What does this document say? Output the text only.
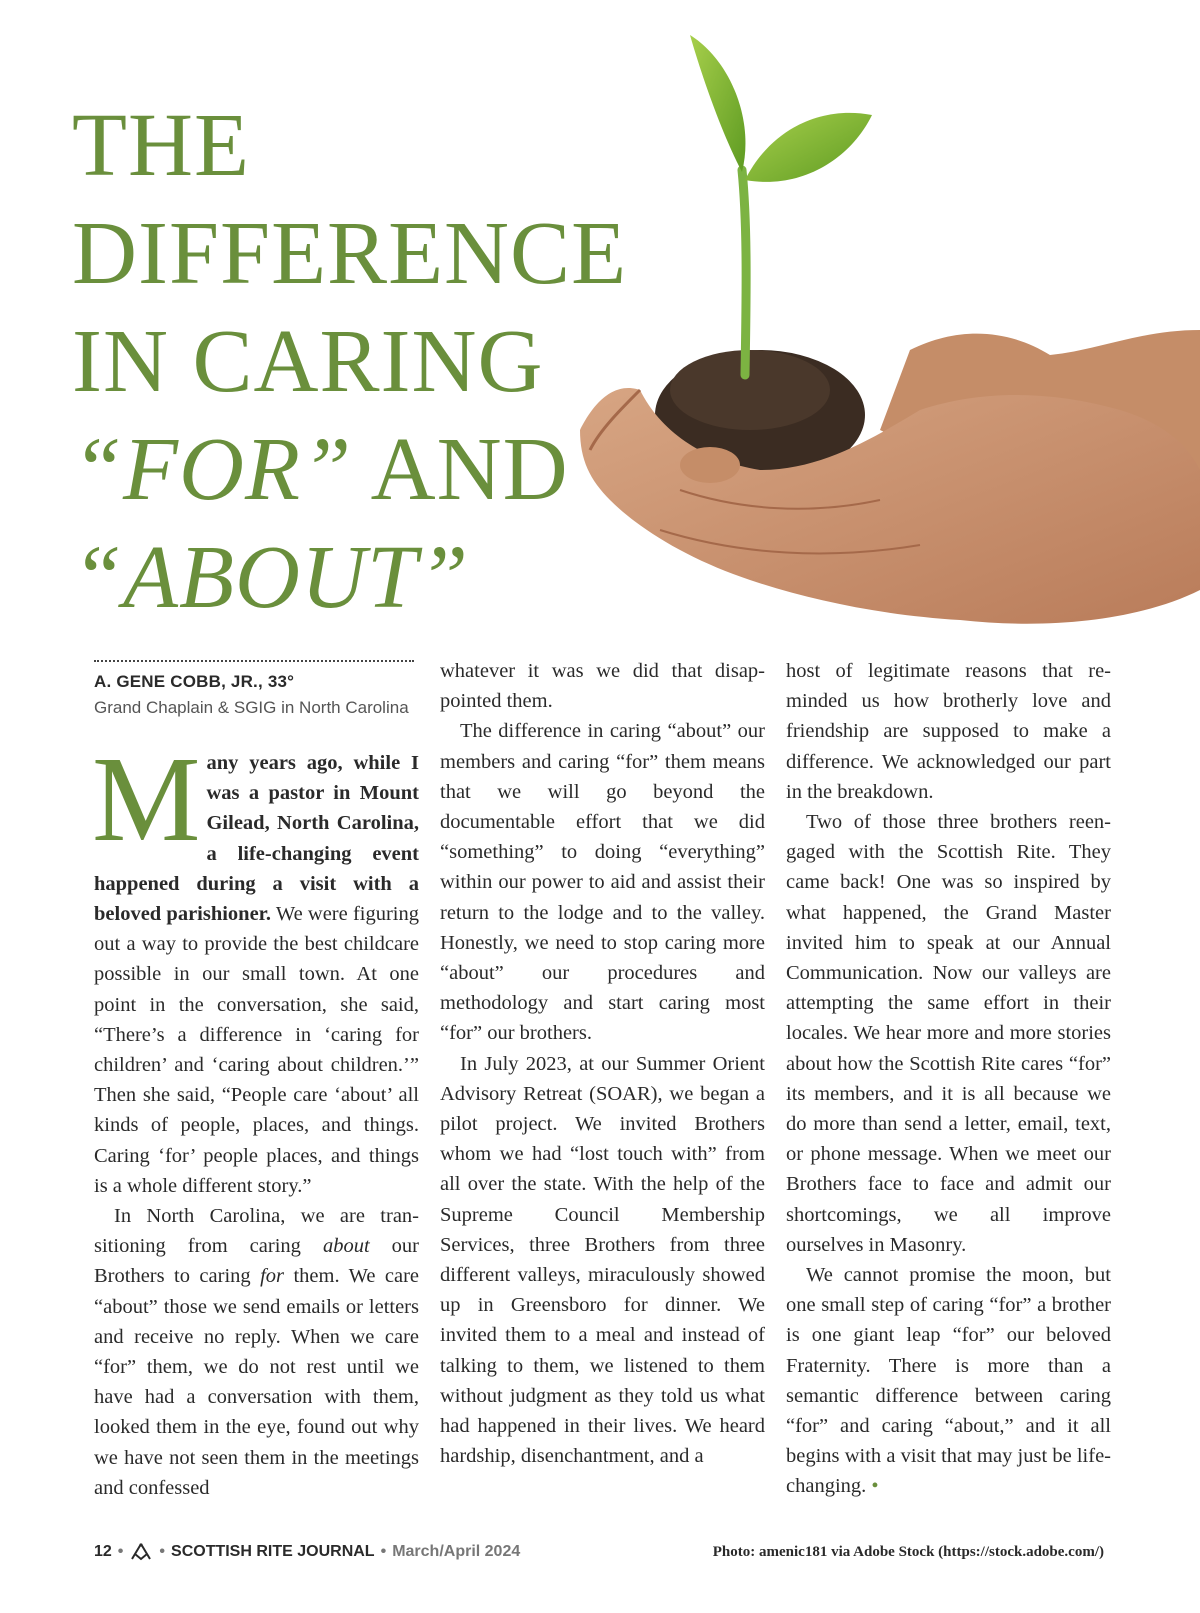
THE
DIFFERENCE
IN CARING
“FOR” AND
“ABOUT”
A. GENE COBB, JR., 33°
Grand Chaplain & SGIG in North Carolina

Many years ago, while I was a pastor in Mount Gilead, North Carolina, a life-changing event happened during a visit with a beloved parishioner. We were figuring out a way to provide the best childcare possible in our small town. At one point in the conversation, she said, “There’s a difference in ‘caring for children’ and ‘caring about children.’” Then she said, “People care ‘about’ all kinds of people, places, and things. Caring ‘for’ people places, and things is a whole different story.”

In North Carolina, we are transitioning from caring about our Brothers to caring for them. We care “about” those we send emails or letters and receive no reply. When we care “for” them, we do not rest until we have had a conversation with them, looked them in the eye, found out why we have not seen them in the meetings and confessed

whatever it was we did that disappointed them.

The difference in caring “about” our members and caring “for” them means that we will go beyond the documentable effort that we did “something” to doing “everything” within our power to aid and assist their return to the lodge and to the valley. Honestly, we need to stop caring more “about” our procedures and methodology and start caring most “for” our brothers.

In July 2023, at our Summer Orient Advisory Retreat (SOAR), we began a pilot project. We invited Brothers whom we had “lost touch with” from all over the state. With the help of the Supreme Council Membership Services, three Brothers from three different valleys, miraculously showed up in Greensboro for dinner. We invited them to a meal and instead of talking to them, we listened to them without judgment as they told us what had happened in their lives. We heard hardship, disenchantment, and a

host of legitimate reasons that reminded us how brotherly love and friendship are supposed to make a difference. We acknowledged our part in the breakdown.

Two of those three brothers reengaged with the Scottish Rite. They came back! One was so inspired by what happened, the Grand Master invited him to speak at our Annual Communication. Now our valleys are attempting the same effort in their locales. We hear more and more stories about how the Scottish Rite cares “for” its members, and it is all because we do more than send a letter, email, text, or phone message. When we meet our Brothers face to face and admit our shortcomings, we all improve ourselves in Masonry.

We cannot promise the moon, but one small step of caring “for” a brother is one giant leap “for” our beloved Fraternity. There is more than a semantic difference between caring “for” and caring “about,” and it all begins with a visit that may just be life-changing. •

12 • • SCOTTISH RITE JOURNAL • March/April 2024	Photo: amenic181 via Adobe Stock (https://stock.adobe.com/)
